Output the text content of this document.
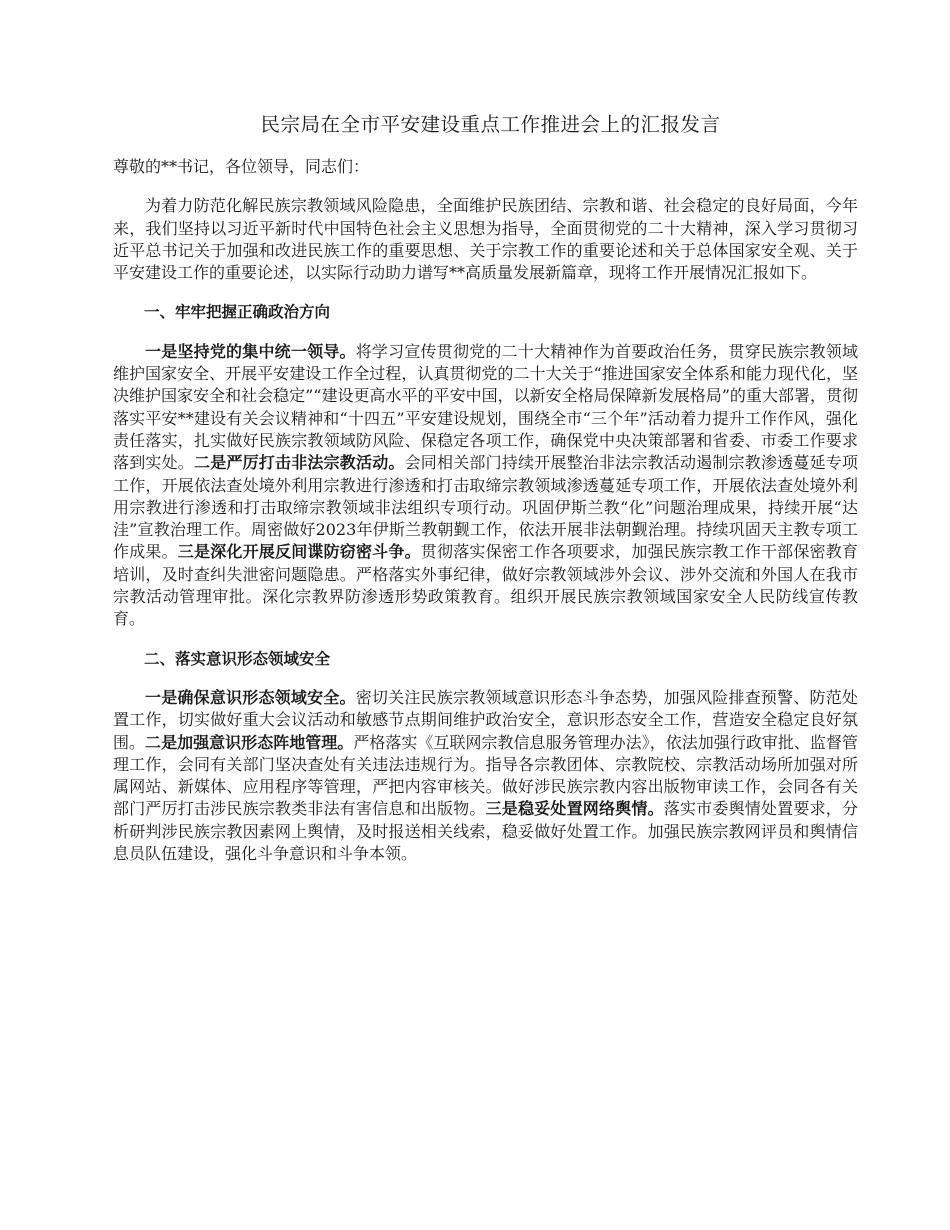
民宗局在全市平安建设重点工作推进会上的汇报发言

尊敬的**书记，各位领导，同志们：

为着力防范化解民族宗教领域风险隐患，全面维护民族团结、宗教和谐、社会稳定的良好局面，今年来，我们坚持以习近平新时代中国特色社会主义思想为指导，全面贯彻党的二十大精神，深入学习贯彻习近平总书记关于加强和改进民族工作的重要思想、关于宗教工作的重要论述和关于总体国家安全观、关于平安建设工作的重要论述，以实际行动助力谱写**高质量发展新篇章，现将工作开展情况汇报如下。

一、牢牢把握正确政治方向

一是坚持党的集中统一领导。将学习宣传贯彻党的二十大精神作为首要政治任务，贯穿民族宗教领域维护国家安全、开展平安建设工作全过程，认真贯彻党的二十大关于“推进国家安全体系和能力现代化，坚决维护国家安全和社会稳定”“建设更高水平的平安中国，以新安全格局保障新发展格局”的重大部署，贯彻落实平安**建设有关会议精神和“十四五”平安建设规划，围绕全市“三个年”活动着力提升工作作风，强化责任落实，扎实做好民族宗教领域防风险、保稳定各项工作，确保党中央决策部署和省委、市委工作要求落到实处。二是严厉打击非法宗教活动。会同相关部门持续开展整治非法宗教活动遏制宗教渗透蔓延专项工作，开展依法查处境外利用宗教进行渗透和打击取缔宗教领域渗透蔓延专项工作，开展依法查处境外利用宗教进行渗透和打击取缔宗教领域非法组织专项行动。巩固伊斯兰教“化”问题治理成果，持续开展“达洼”宣教治理工作。周密做好2023年伊斯兰教朝觐工作，依法开展非法朝觐治理。持续巩固天主教专项工作成果。三是深化开展反间谍防窃密斗争。贯彻落实保密工作各项要求，加强民族宗教工作干部保密教育培训，及时查纠失泄密问题隐患。严格落实外事纪律，做好宗教领域涉外会议、涉外交流和外国人在我市宗教活动管理审批。深化宗教界防渗透形势政策教育。组织开展民族宗教领域国家安全人民防线宣传教育。

二、落实意识形态领域安全

一是确保意识形态领域安全。密切关注民族宗教领域意识形态斗争态势，加强风险排查预警、防范处置工作，切实做好重大会议活动和敏感节点期间维护政治安全，意识形态安全工作，营造安全稳定良好氛围。二是加强意识形态阵地管理。严格落实《互联网宗教信息服务管理办法》，依法加强行政审批、监督管理工作，会同有关部门坚决查处有关违法违规行为。指导各宗教团体、宗教院校、宗教活动场所加强对所属网站、新媒体、应用程序等管理，严把内容审核关。做好涉民族宗教内容出版物审读工作，会同各有关部门严厉打击涉民族宗教类非法有害信息和出版物。三是稳妥处置网络舆情。落实市委舆情处置要求，分析研判涉民族宗教因素网上舆情，及时报送相关线索，稳妥做好处置工作。加强民族宗教网评员和舆情信息员队伍建设，强化斗争意识和斗争本领。
